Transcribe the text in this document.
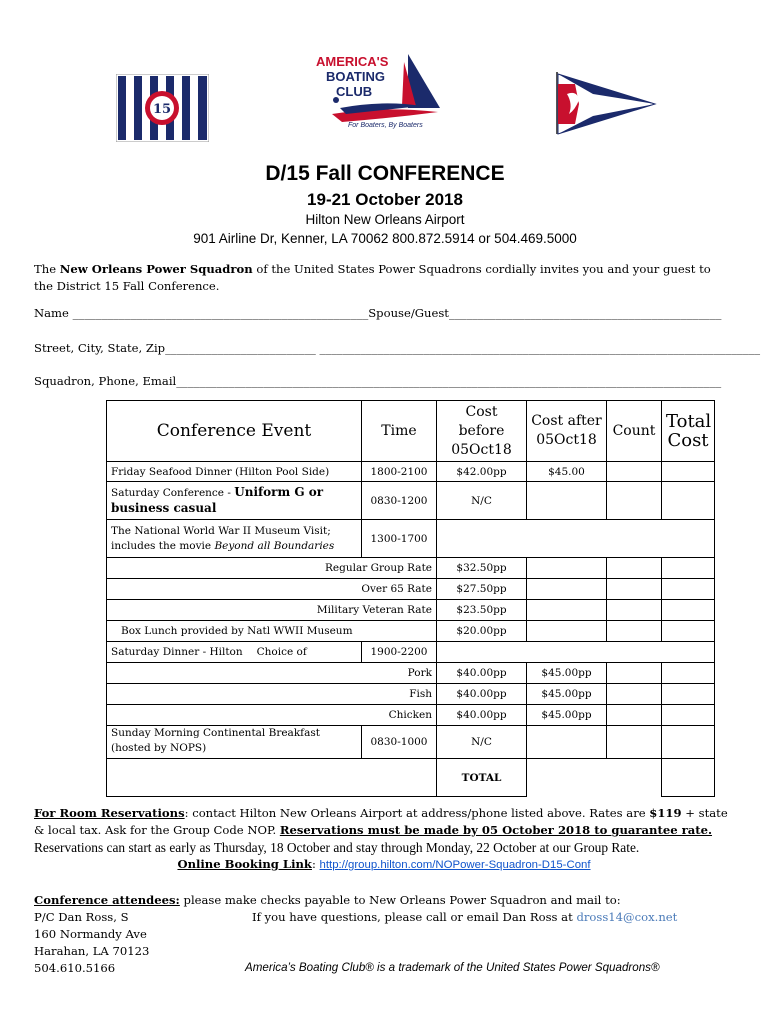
15
AMERICA'S
BOATING
CLUB
For Boaters, By Boaters
D/15 Fall CONFERENCE
19-21 October 2018
Hilton New Orleans Airport
901 Airline Dr, Kenner, LA 70062 800.872.5914 or 504.469.5000
The New Orleans Power Squadron of the United States Power Squadrons cordially invites you and your guest to the District 15 Fall Conference.
Name ___________________________________________________Spouse/Guest_______________________________________________
Street, City, State, Zip__________________________ ____________________________________________________________________________
Squadron, Phone, Email______________________________________________________________________________________________
Conference Event	Time	Cost before 05Oct18	Cost after 05Oct18	Count	Total Cost
Friday Seafood Dinner (Hilton Pool Side)	1800-2100	$42.00pp	$45.00		
Saturday Conference - Uniform G or business casual	0830-1200	N/C			
The National World War II Museum Visit; includes the movie Beyond all Boundaries	1300-1700				
Regular Group Rate		$32.50pp			
Over 65 Rate		$27.50pp			
Military Veteran Rate		$23.50pp			
Box Lunch provided by Natl WWII Museum		$20.00pp			
Saturday Dinner - Hilton Choice of	1900-2200				
Pork		$40.00pp	$45.00pp		
Fish		$40.00pp	$45.00pp		
Chicken		$40.00pp	$45.00pp		
Sunday Morning Continental Breakfast (hosted by NOPS)	0830-1000	N/C			
		TOTAL			

For Room Reservations: contact Hilton New Orleans Airport at address/phone listed above. Rates are $119 + state & local tax. Ask for the Group Code NOP. Reservations must be made by 05 October 2018 to guarantee rate.

Reservations can start as early as Thursday, 18 October and stay through Monday, 22 October at our Group Rate.

Online Booking Link: http://group.hilton.com/NOPower-Squadron-D15-Conf

Conference attendees: please make checks payable to New Orleans Power Squadron and mail to:
P/C Dan Ross, S	If you have questions, please call or email Dan Ross at dross14@cox.net
160 Normandy Ave
Harahan, LA 70123
504.610.5166	America’s Boating Club® is a trademark of the United States Power Squadrons®
